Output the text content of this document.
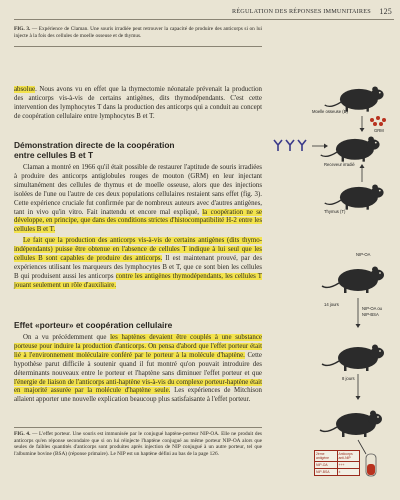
RÉGULATION DES RÉPONSES IMMUNITAIRES 125
FIG. 3. — Expérience de Claman. Une souris irradiée peut retrouver la capacité de produire des anticorps si on lui injecte à la fois des cellules de moelle osseuse et de thymus.

absolue. Nous avons vu en effet que la thymectomie néonatale prévenait la production des anticorps vis-à-vis de certains antigènes, dits thymodépendants. C'est cette intervention des lymphocytes T dans la production des anticorps qui a conduit au concept de coopération cellulaire entre lymphocytes B et T.

Démonstration directe de la coopération

entre cellules B et T

Claman a montré en 1966 qu'il était possible de restaurer l'aptitude de souris irradiées à produire des anticorps antiglobules rouges de mouton (GRM) en leur injectant simultanément des cellules de thymus et de moelle osseuse, alors que des injections isolées de l'une ou l'autre de ces deux populations cellulaires restaient sans effet (fig. 3). Cette expérience cruciale fut confirmée par de nombreux auteurs avec d'autres antigènes, tant in vivo qu'in vitro. Fait inattendu et encore mal expliqué, la coopération ne se développe, en principe, que dans des conditions strictes d'histocompatibilité H-2 entre les cellules B et T.

Le fait que la production des anticorps vis-à-vis de certains antigènes (dits thymo-indépendants) puisse être obtenue en l'absence de cellules T indique à lui seul que les cellules B sont capables de produire des anticorps. Il est maintenant prouvé, par des expériences utilisant les marqueurs des lymphocytes B et T, que ce sont bien les cellules B qui produisent aussi les anticorps contre les antigènes thymodépendants, les cellules T jouant seulement un rôle d'auxiliaire.

Effet «porteur» et coopération cellulaire

On a vu précédemment que les haptènes devaient être couplés à une substance porteuse pour induire la production d'anticorps. On pensa d'abord que l'effet porteur était lié à l'environnement moléculaire conféré par le porteur à la molécule d'haptène. Cette hypothèse parut difficile à soutenir quand il fut montré qu'on pouvait introduire des déterminants nouveaux entre le porteur et l'haptène sans diminuer l'effet porteur et que l'énergie de liaison de l'anticorps anti-haptène vis-à-vis du complexe porteur-haptène était en majorité assurée par la molécule d'haptène seule. Les expériences de Mitchison allaient apporter une nouvelle explication beaucoup plus satisfaisante à l'effet porteur.

FIG. 4. — L'effet porteur. Une souris est immunisée par le conjugué haptène-porteur NIP-OA. Elle ne produit des anticorps qu'en réponse secondaire que si on lui réinjecte l'haptène conjugué au même porteur NIP-OA alors que seules de faibles quantités d'anticorps sont produites après injection de NIP conjugué à un autre porteur, tel que l'albumine bovine (BSA) (réponse primaire). Le NIP est un haptène défini au bas de la page 126.
Moelle osseuse (B)
GRM
Receveur irradié
Thymus (T)
NIP-OA
14 jours
NIP-OA ou
NIP-BSA
8 jours
2ème antigène
Anticorps anti-NIP
NIP-OA	+++
NIP-BSA	±
